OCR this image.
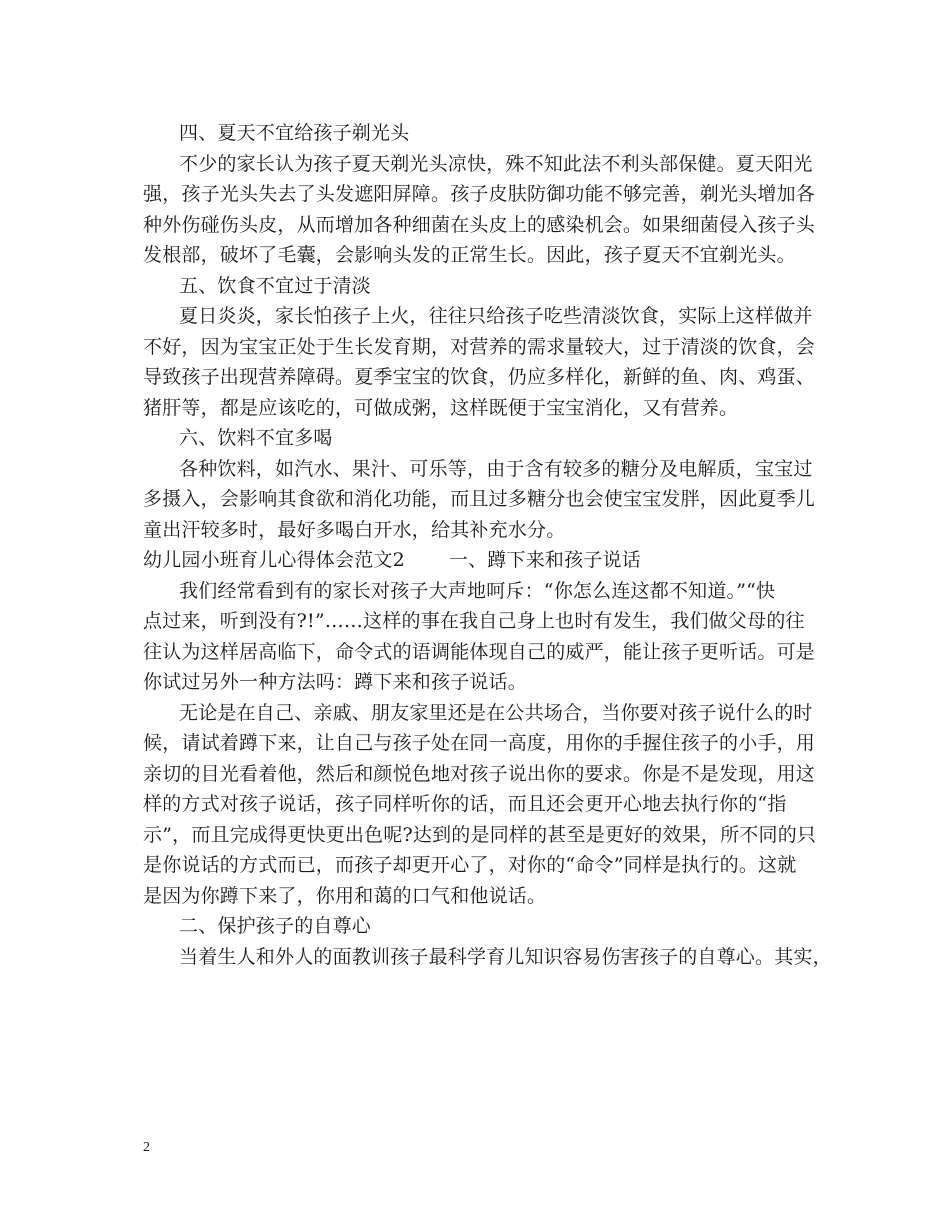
四、夏天不宜给孩子剃光头

不少的家长认为孩子夏天剃光头凉快，殊不知此法不利头部保健。夏天阳光

强，孩子光头失去了头发遮阳屏障。孩子皮肤防御功能不够完善，剃光头增加各

种外伤碰伤头皮，从而增加各种细菌在头皮上的感染机会。如果细菌侵入孩子头

发根部，破坏了毛囊，会影响头发的正常生长。因此，孩子夏天不宜剃光头。

五、饮食不宜过于清淡

夏日炎炎，家长怕孩子上火，往往只给孩子吃些清淡饮食，实际上这样做并

不好，因为宝宝正处于生长发育期，对营养的需求量较大，过于清淡的饮食，会

导致孩子出现营养障碍。夏季宝宝的饮食，仍应多样化，新鲜的鱼、肉、鸡蛋、

猪肝等，都是应该吃的，可做成粥，这样既便于宝宝消化，又有营养。

六、饮料不宜多喝

各种饮料，如汽水、果汁、可乐等，由于含有较多的糖分及电解质，宝宝过

多摄入，会影响其食欲和消化功能，而且过多糖分也会使宝宝发胖，因此夏季儿

童出汗较多时，最好多喝白开水，给其补充水分。

幼儿园小班育儿心得体会范文2 一、蹲下来和孩子说话

我们经常看到有的家长对孩子大声地呵斥：“你怎么连这都不知道。”“快

点过来，听到没有?!”……这样的事在我自己身上也时有发生，我们做父母的往

往认为这样居高临下，命令式的语调能体现自己的威严，能让孩子更听话。可是

你试过另外一种方法吗：蹲下来和孩子说话。

无论是在自己、亲戚、朋友家里还是在公共场合，当你要对孩子说什么的时

候，请试着蹲下来，让自己与孩子处在同一高度，用你的手握住孩子的小手，用

亲切的目光看着他，然后和颜悦色地对孩子说出你的要求。你是不是发现，用这

样的方式对孩子说话，孩子同样听你的话，而且还会更开心地去执行你的“指

示”，而且完成得更快更出色呢?达到的是同样的甚至是更好的效果，所不同的只

是你说话的方式而已，而孩子却更开心了，对你的“命令”同样是执行的。这就

是因为你蹲下来了，你用和蔼的口气和他说话。

二、保护孩子的自尊心

当着生人和外人的面教训孩子最科学育儿知识容易伤害孩子的自尊心。其实，

2
